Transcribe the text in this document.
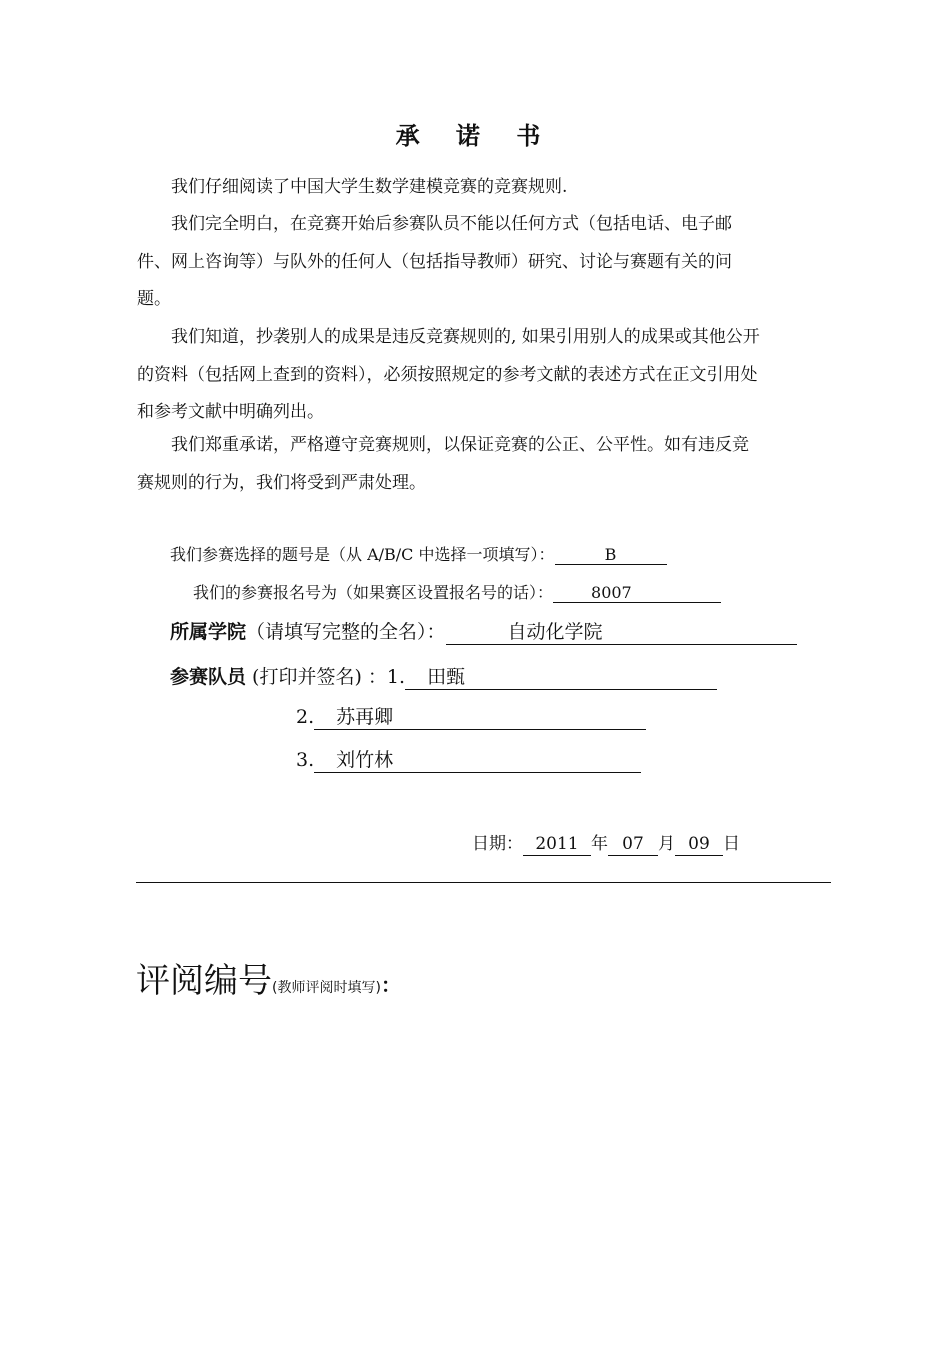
承 诺 书
我们仔细阅读了中国大学生数学建模竞赛的竞赛规则.
我们完全明白，在竞赛开始后参赛队员不能以任何方式（包括电话、电子邮
件、网上咨询等）与队外的任何人（包括指导教师）研究、讨论与赛题有关的问
题。
我们知道，抄袭别人的成果是违反竞赛规则的, 如果引用别人的成果或其他公开
的资料（包括网上查到的资料），必须按照规定的参考文献的表述方式在正文引用处
和参考文献中明确列出。
我们郑重承诺，严格遵守竞赛规则，以保证竞赛的公正、公平性。如有违反竞
赛规则的行为，我们将受到严肃处理。
我们参赛选择的题号是（从 A/B/C 中选择一项填写）：	B
我们的参赛报名号为（如果赛区设置报名号的话）： 8007
所属学院（请填写完整的全名）：	自动化学院
参赛队员 (打印并签名) ：1. 田甄
2. 苏再卿
3. 刘竹林
日期： 2011 年 07 月 09 日
评阅编号(教师评阅时填写)：
